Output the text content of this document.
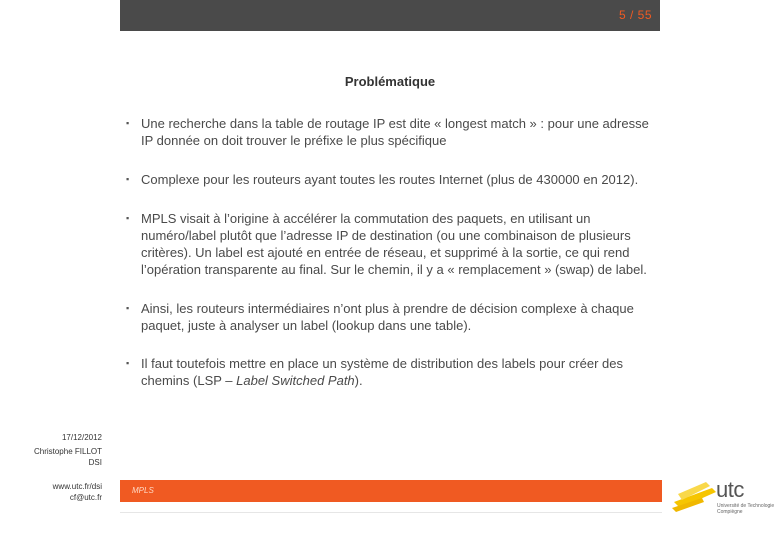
5 / 55
Problématique
▪ Une recherche dans la table de routage IP est dite « longest match » : pour une adresse IP donnée on doit trouver le préfixe le plus spécifique
▪ Complexe pour les routeurs ayant toutes les routes Internet (plus de 430000 en 2012).
▪ MPLS visait à l’origine à accélérer la commutation des paquets, en utilisant un numéro/label plutôt que l’adresse IP de destination (ou une combinaison de plusieurs critères). Un label est ajouté en entrée de réseau, et supprimé à la sortie, ce qui rend l’opération transparente au final. Sur le chemin, il y a « remplacement » (swap) de label.
▪ Ainsi, les routeurs intermédiaires n’ont plus à prendre de décision complexe à chaque paquet, juste à analyser un label (lookup dans une table).
▪ Il faut toutefois mettre en place un système de distribution des labels pour créer des chemins (LSP – Label Switched Path).
17/12/2012
Christophe FILLOT
DSI
www.utc.fr/dsi
cf@utc.fr
MPLS	utc
Université de Technologie
Compiègne
